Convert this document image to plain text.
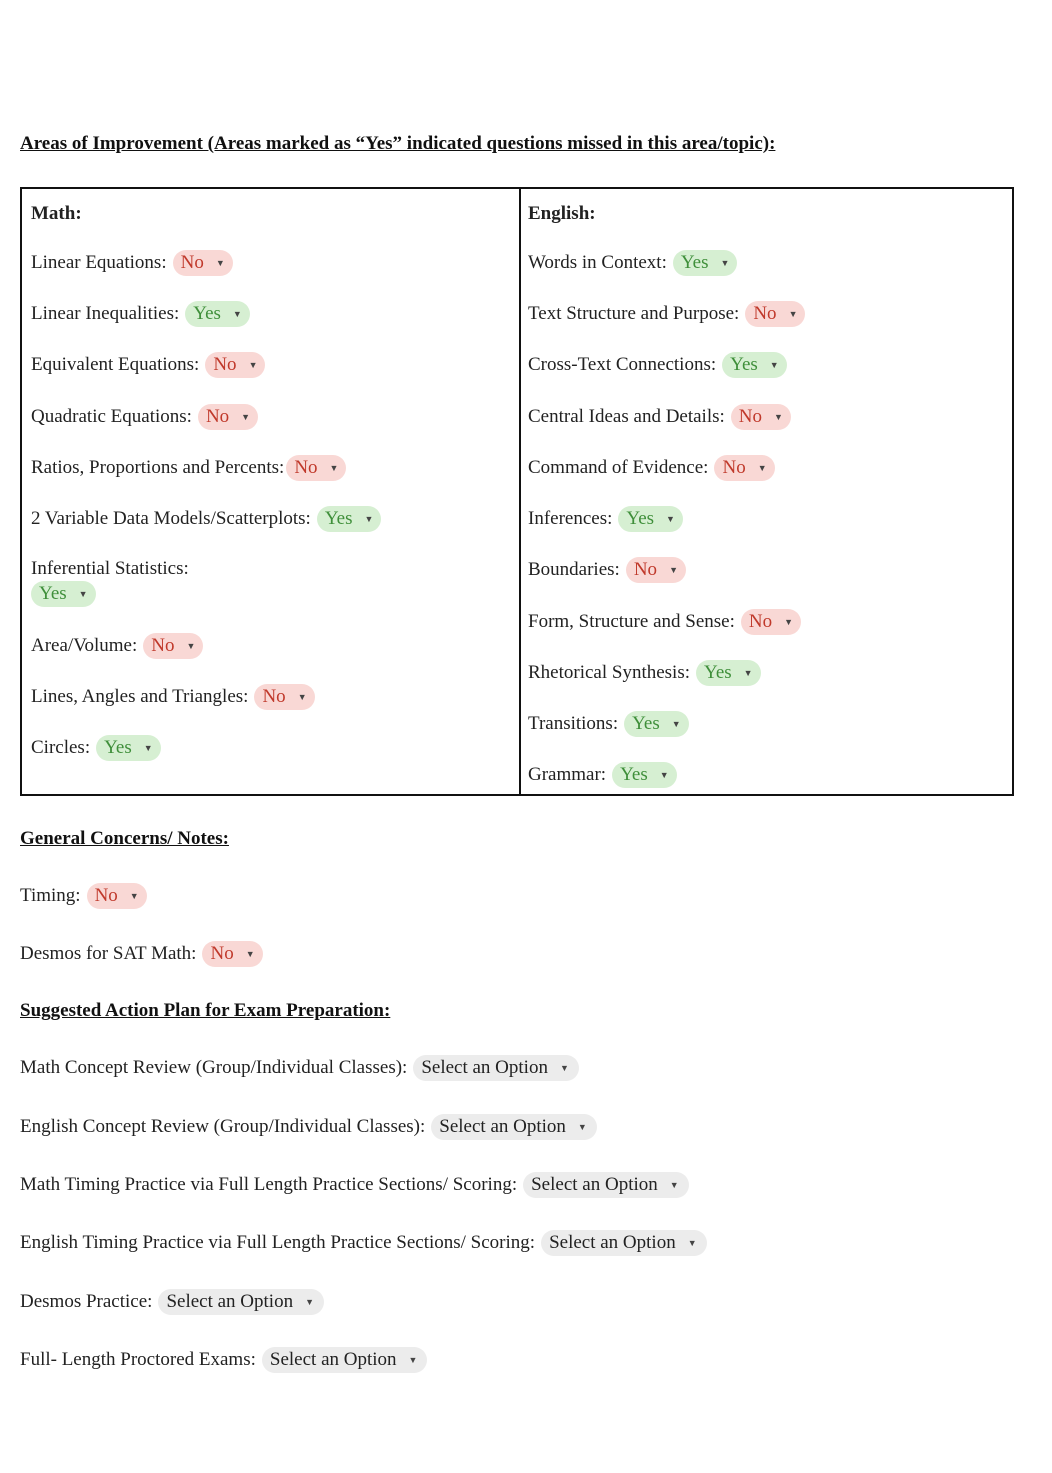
Areas of Improvement (Areas marked as “Yes” indicated questions missed in this area/topic):
Math:
Linear Equations: No ▼
Linear Inequalities: Yes ▼
Equivalent Equations: No ▼
Quadratic Equations: No ▼
Ratios, Proportions and Percents: No ▼
2 Variable Data Models/Scatterplots: Yes ▼
Inferential Statistics:
Yes ▼
Area/Volume: No ▼
Lines, Angles and Triangles: No ▼
Circles: Yes ▼
English:
Words in Context: Yes ▼
Text Structure and Purpose: No ▼
Cross-Text Connections: Yes ▼
Central Ideas and Details: No ▼
Command of Evidence: No ▼
Inferences: Yes ▼
Boundaries: No ▼
Form, Structure and Sense: No ▼
Rhetorical Synthesis: Yes ▼
Transitions: Yes ▼
Grammar: Yes ▼
General Concerns/ Notes:
Timing: No ▼
Desmos for SAT Math: No ▼
Suggested Action Plan for Exam Preparation:
Math Concept Review (Group/Individual Classes): Select an Option ▼
English Concept Review (Group/Individual Classes): Select an Option ▼
Math Timing Practice via Full Length Practice Sections/ Scoring: Select an Option ▼
English Timing Practice via Full Length Practice Sections/ Scoring: Select an Option ▼
Desmos Practice: Select an Option ▼
Full- Length Proctored Exams: Select an Option ▼
